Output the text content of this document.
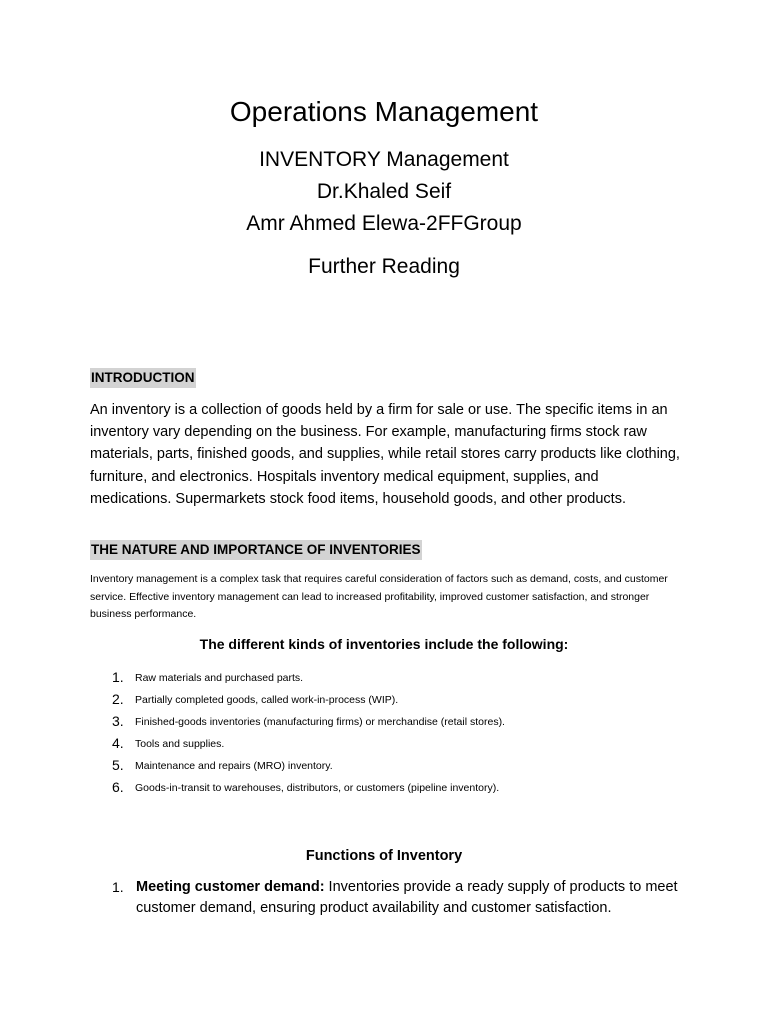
Operations Management
INVENTORY Management
Dr.Khaled Seif
Amr Ahmed Elewa-2FFGroup
Further Reading
INTRODUCTION
An inventory is a collection of goods held by a firm for sale or use. The specific items in an inventory vary depending on the business. For example, manufacturing firms stock raw materials, parts, finished goods, and supplies, while retail stores carry products like clothing, furniture, and electronics. Hospitals inventory medical equipment, supplies, and medications. Supermarkets stock food items, household goods, and other products.
THE NATURE AND IMPORTANCE OF INVENTORIES
Inventory management is a complex task that requires careful consideration of factors such as demand, costs, and customer service. Effective inventory management can lead to increased profitability, improved customer satisfaction, and stronger business performance.
The different kinds of inventories include the following:
1. Raw materials and purchased parts.
2. Partially completed goods, called work-in-process (WIP).
3. Finished-goods inventories (manufacturing firms) or merchandise (retail stores).
4. Tools and supplies.
5. Maintenance and repairs (MRO) inventory.
6. Goods-in-transit to warehouses, distributors, or customers (pipeline inventory).
Functions of Inventory
1. Meeting customer demand: Inventories provide a ready supply of products to meet customer demand, ensuring product availability and customer satisfaction.
